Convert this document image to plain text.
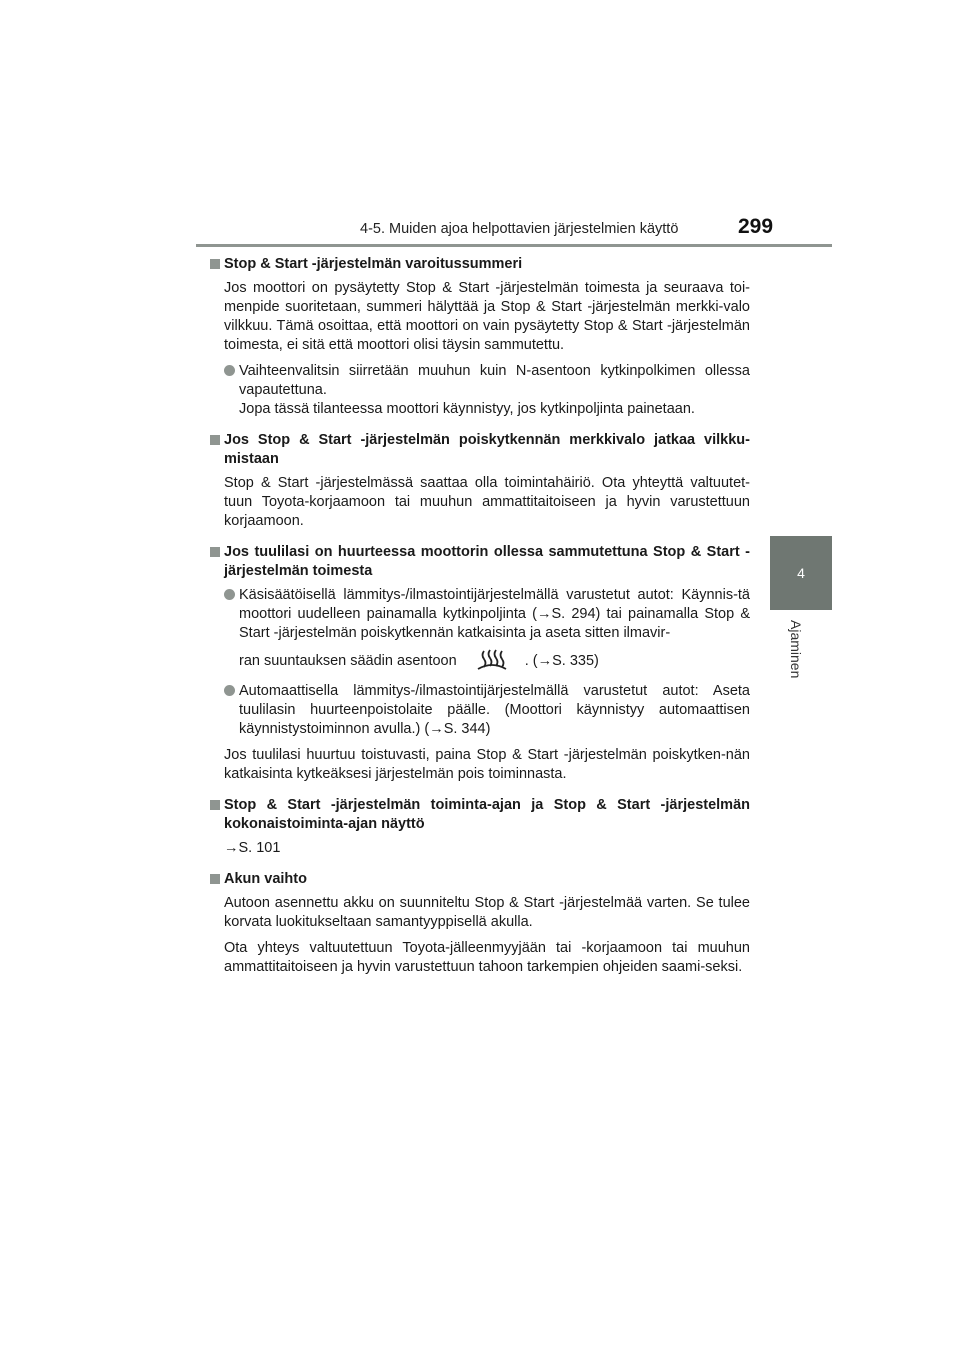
4-5. Muiden ajoa helpottavien järjestelmien käyttö	299
4
Ajaminen
Stop & Start -järjestelmän varoitussummeri
Jos moottori on pysäytetty Stop & Start -järjestelmän toimesta ja seuraava toi-menpide suoritetaan, summeri hälyttää ja Stop & Start -järjestelmän merkki-valo vilkkuu. Tämä osoittaa, että moottori on vain pysäytetty Stop & Start -järjestelmän toimesta, ei sitä että moottori olisi täysin sammutettu.

Vaihteenvalitsin siirretään muuhun kuin N-asentoon kytkinpolkimen ollessa vapautettuna.

Jopa tässä tilanteessa moottori käynnistyy, jos kytkinpoljinta painetaan.

Jos Stop & Start -järjestelmän poiskytkennän merkkivalo jatkaa vilkku-mistaan
Stop & Start -järjestelmässä saattaa olla toimintahäiriö. Ota yhteyttä valtuutet-tuun Toyota-korjaamoon tai muuhun ammattitaitoiseen ja hyvin varustettuun korjaamoon.
Jos tuulilasi on huurteessa moottorin ollessa sammutettuna Stop & Start -järjestelmän toimesta

Käsisäätöisellä lämmitys-/ilmastointijärjestelmällä varustetut autot: Käynnis-tä moottori uudelleen painamalla kytkinpoljinta (→S. 294) tai painamalla Stop & Start -järjestelmän poiskytkennän katkaisinta ja aseta sitten ilmavir-

ran suuntauksen säädin asentoon	. (→S. 335)

Automaattisella lämmitys-/ilmastointijärjestelmällä varustetut autot: Aseta tuulilasin huurteenpoistolaite päälle. (Moottori käynnistyy automaattisen käynnistystoiminnon avulla.) (→S. 344)

Jos tuulilasi huurtuu toistuvasti, paina Stop & Start -järjestelmän poiskytken-nän katkaisinta kytkeäksesi järjestelmän pois toiminnasta.
Stop & Start -järjestelmän toiminta-ajan ja Stop & Start -järjestelmän kokonaistoiminta-ajan näyttö
→S. 101
Akun vaihto
Autoon asennettu akku on suunniteltu Stop & Start -järjestelmää varten. Se tulee korvata luokitukseltaan samantyyppisellä akulla.
Ota yhteys valtuutettuun Toyota-jälleenmyyjään tai -korjaamoon tai muuhun ammattitaitoiseen ja hyvin varustettuun tahoon tarkempien ohjeiden saami-seksi.
